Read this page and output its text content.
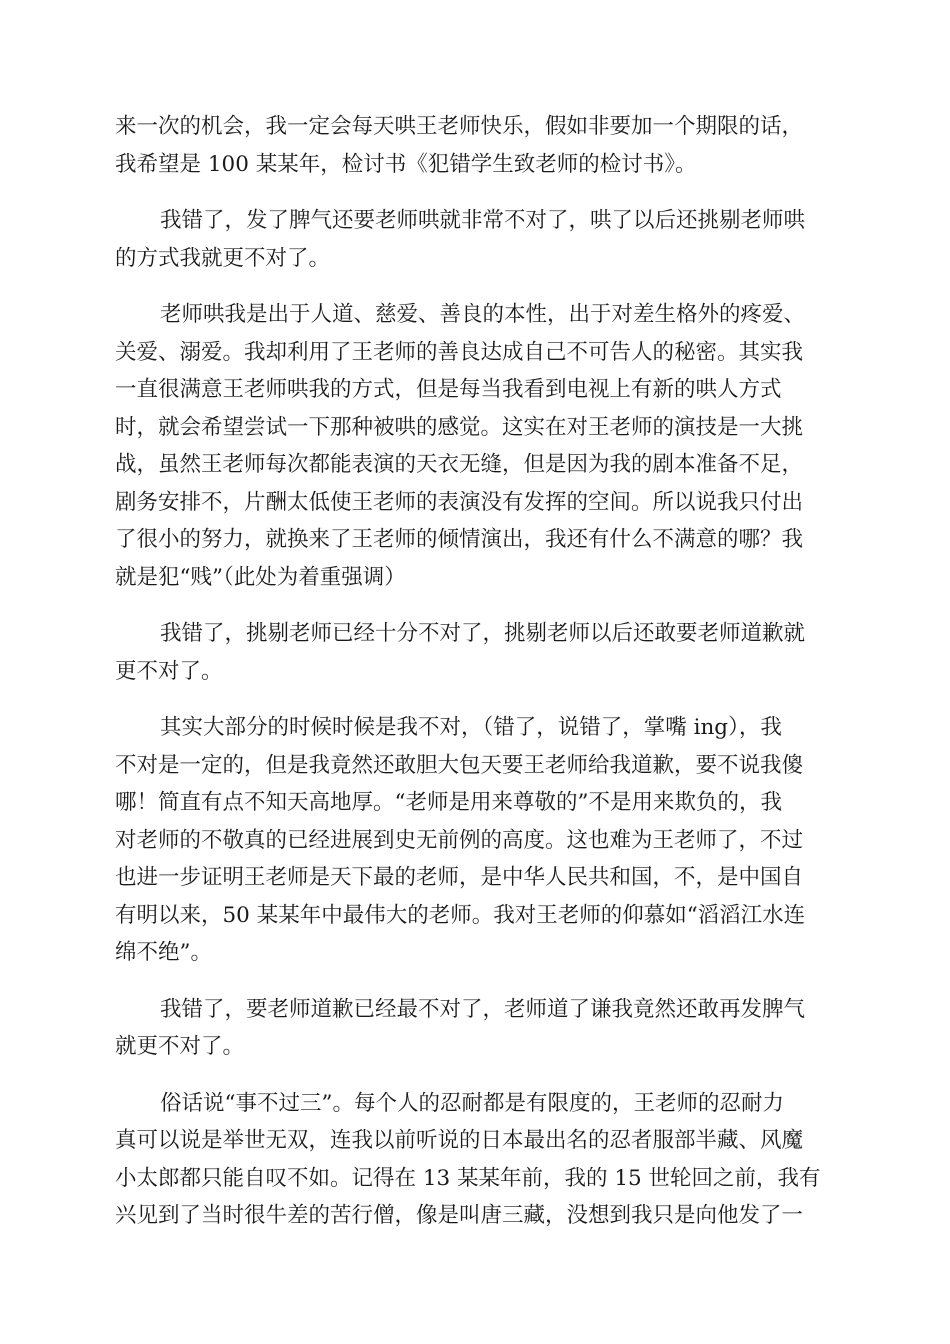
来一次的机会，我一定会每天哄王老师快乐，假如非要加一个期限的话，
我希望是 100 某某年，检讨书《犯错学生致老师的检讨书》。
我错了，发了脾气还要老师哄就非常不对了，哄了以后还挑剔老师哄
的方式我就更不对了。
老师哄我是出于人道、慈爱、善良的本性，出于对差生格外的疼爱、
关爱、溺爱。我却利用了王老师的善良达成自己不可告人的秘密。其实我
一直很满意王老师哄我的方式，但是每当我看到电视上有新的哄人方式
时，就会希望尝试一下那种被哄的感觉。这实在对王老师的演技是一大挑
战，虽然王老师每次都能表演的天衣无缝，但是因为我的剧本准备不足，
剧务安排不，片酬太低使王老师的表演没有发挥的空间。所以说我只付出
了很小的努力，就换来了王老师的倾情演出，我还有什么不满意的哪？我
就是犯“贱”（此处为着重强调）
我错了，挑剔老师已经十分不对了，挑剔老师以后还敢要老师道歉就
更不对了。
其实大部分的时候时候是我不对，（错了，说错了，掌嘴 ing），我
不对是一定的，但是我竟然还敢胆大包天要王老师给我道歉，要不说我傻
哪！简直有点不知天高地厚。“老师是用来尊敬的”不是用来欺负的，我
对老师的不敬真的已经进展到史无前例的高度。这也难为王老师了，不过
也进一步证明王老师是天下最的老师，是中华人民共和国，不，是中国自
有明以来，50 某某年中最伟大的老师。我对王老师的仰慕如“滔滔江水连
绵不绝”。
我错了，要老师道歉已经最不对了，老师道了谦我竟然还敢再发脾气
就更不对了。
俗话说“事不过三”。每个人的忍耐都是有限度的，王老师的忍耐力
真可以说是举世无双，连我以前听说的日本最出名的忍者服部半藏、风魔
小太郎都只能自叹不如。记得在 13 某某年前，我的 15 世轮回之前，我有
兴见到了当时很牛差的苦行僧，像是叫唐三藏，没想到我只是向他发了一
